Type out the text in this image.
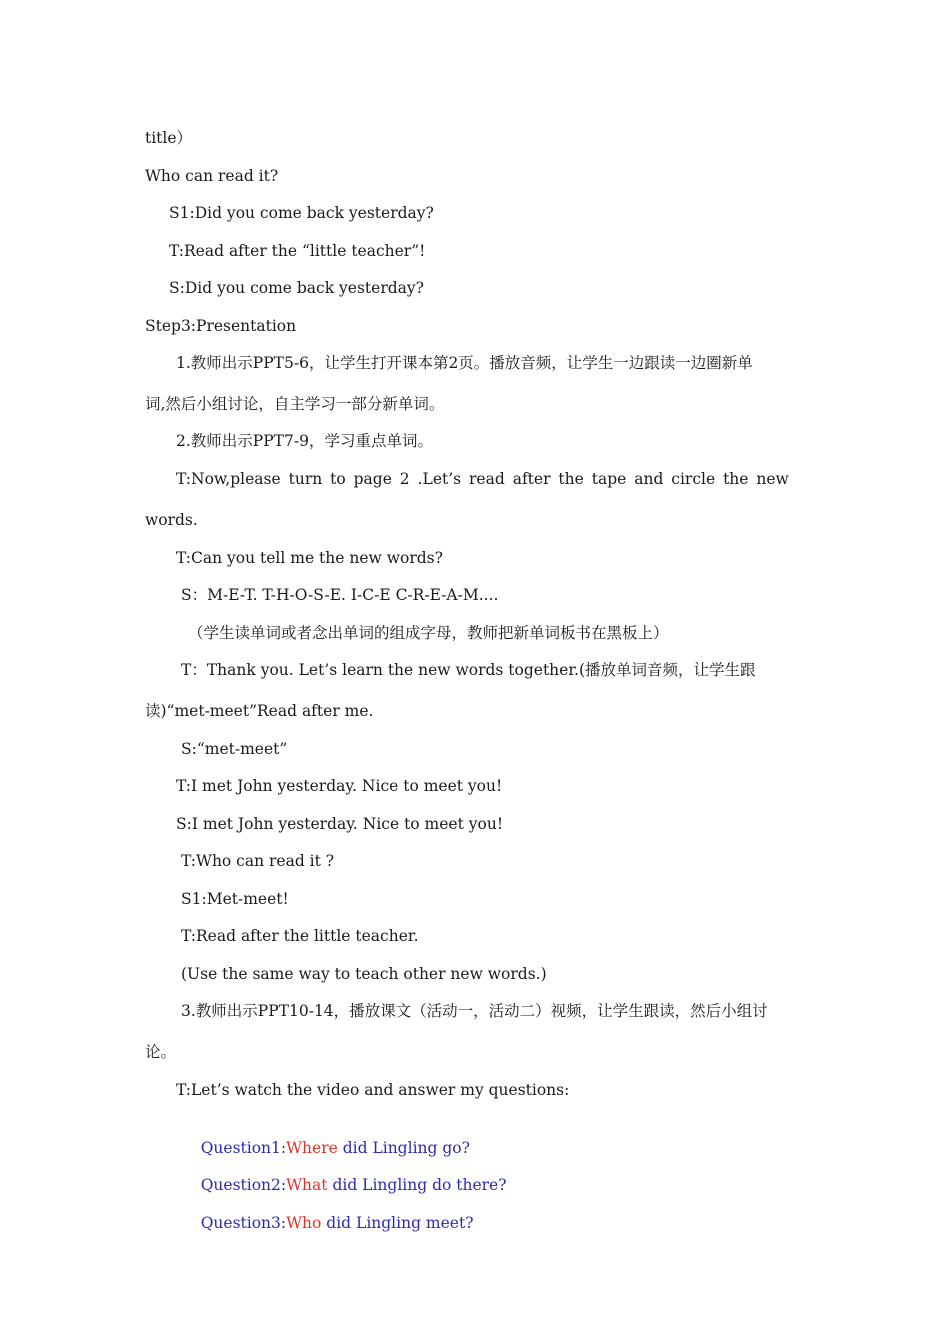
title）
Who can read it?
S1:Did you come back yesterday?
T:Read after the “little teacher”!
S:Did you come back yesterday?
Step3:Presentation
1.教师出示PPT5-6，让学生打开课本第2页。播放音频，让学生一边跟读一边圈新单
词,然后小组讨论，自主学习一部分新单词。
2.教师出示PPT7-9，学习重点单词。
T:Now,please turn to page 2 .Let’s read after the tape and circle the new
words.
T:Can you tell me the new words?
S：M-E-T. T-H-O-S-E. I-C-E C-R-E-A-M....
（学生读单词或者念出单词的组成字母，教师把新单词板书在黑板上）
T：Thank you. Let’s learn the new words together.(播放单词音频，让学生跟
读)“met-meet”Read after me.
S:“met-meet”
T:I met John yesterday. Nice to meet you!
S:I met John yesterday. Nice to meet you!
T:Who can read it ?
S1:Met-meet!
T:Read after the little teacher.
(Use the same way to teach other new words.)
3.教师出示PPT10-14，播放课文（活动一，活动二）视频，让学生跟读，然后小组讨
论。
T:Let’s watch the video and answer my questions:

Question1:Where did Lingling go?

Question2:What did Lingling do there?

Question3:Who did Lingling meet?
